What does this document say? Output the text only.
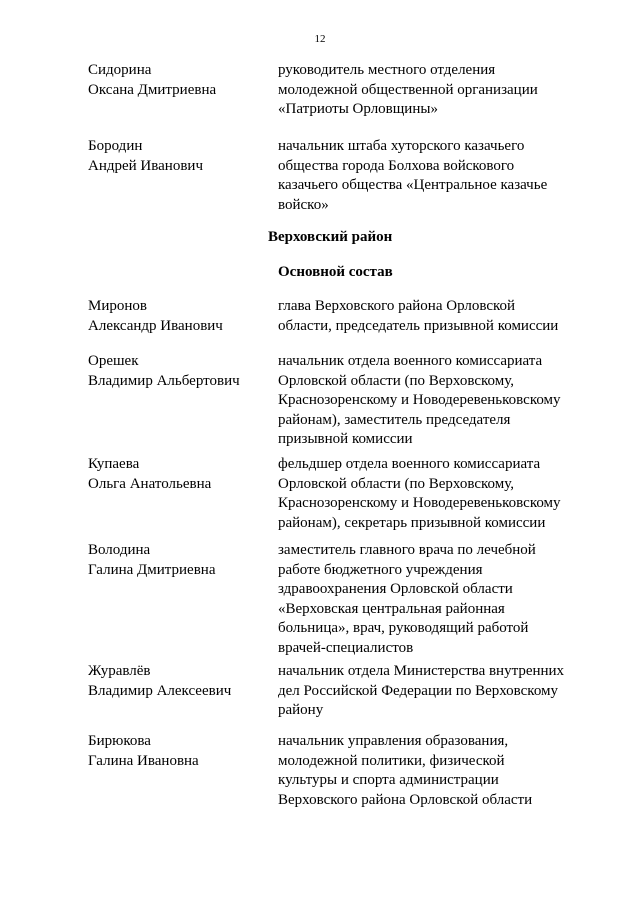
12
Сидорина
Оксана Дмитриевна
руководитель местного отделения
молодежной общественной организации
«Патриоты Орловщины»
Бородин
Андрей Иванович
начальник штаба хуторского казачьего
общества города Болхова войскового
казачьего общества «Центральное казачье
войско»
Верховский район
Основной состав
Миронов
Александр Иванович
глава Верховского района Орловской
области, председатель призывной комиссии
Орешек
Владимир Альбертович
начальник отдела военного комиссариата
Орловской области (по Верховскому,
Краснозоренскому и Новодеревеньковскому
районам), заместитель председателя
призывной комиссии
Купаева
Ольга Анатольевна
фельдшер отдела военного комиссариата
Орловской области (по Верховскому,
Краснозоренскому и Новодеревеньковскому
районам), секретарь призывной комиссии
Володина
Галина Дмитриевна
заместитель главного врача по лечебной
работе бюджетного учреждения
здравоохранения Орловской области
«Верховская центральная районная
больница», врач, руководящий работой
врачей-специалистов
Журавлёв
Владимир Алексеевич
начальник отдела Министерства внутренних
дел Российской Федерации по Верховскому
району
Бирюкова
Галина Ивановна
начальник управления образования,
молодежной политики, физической
культуры и спорта администрации
Верховского района Орловской области
